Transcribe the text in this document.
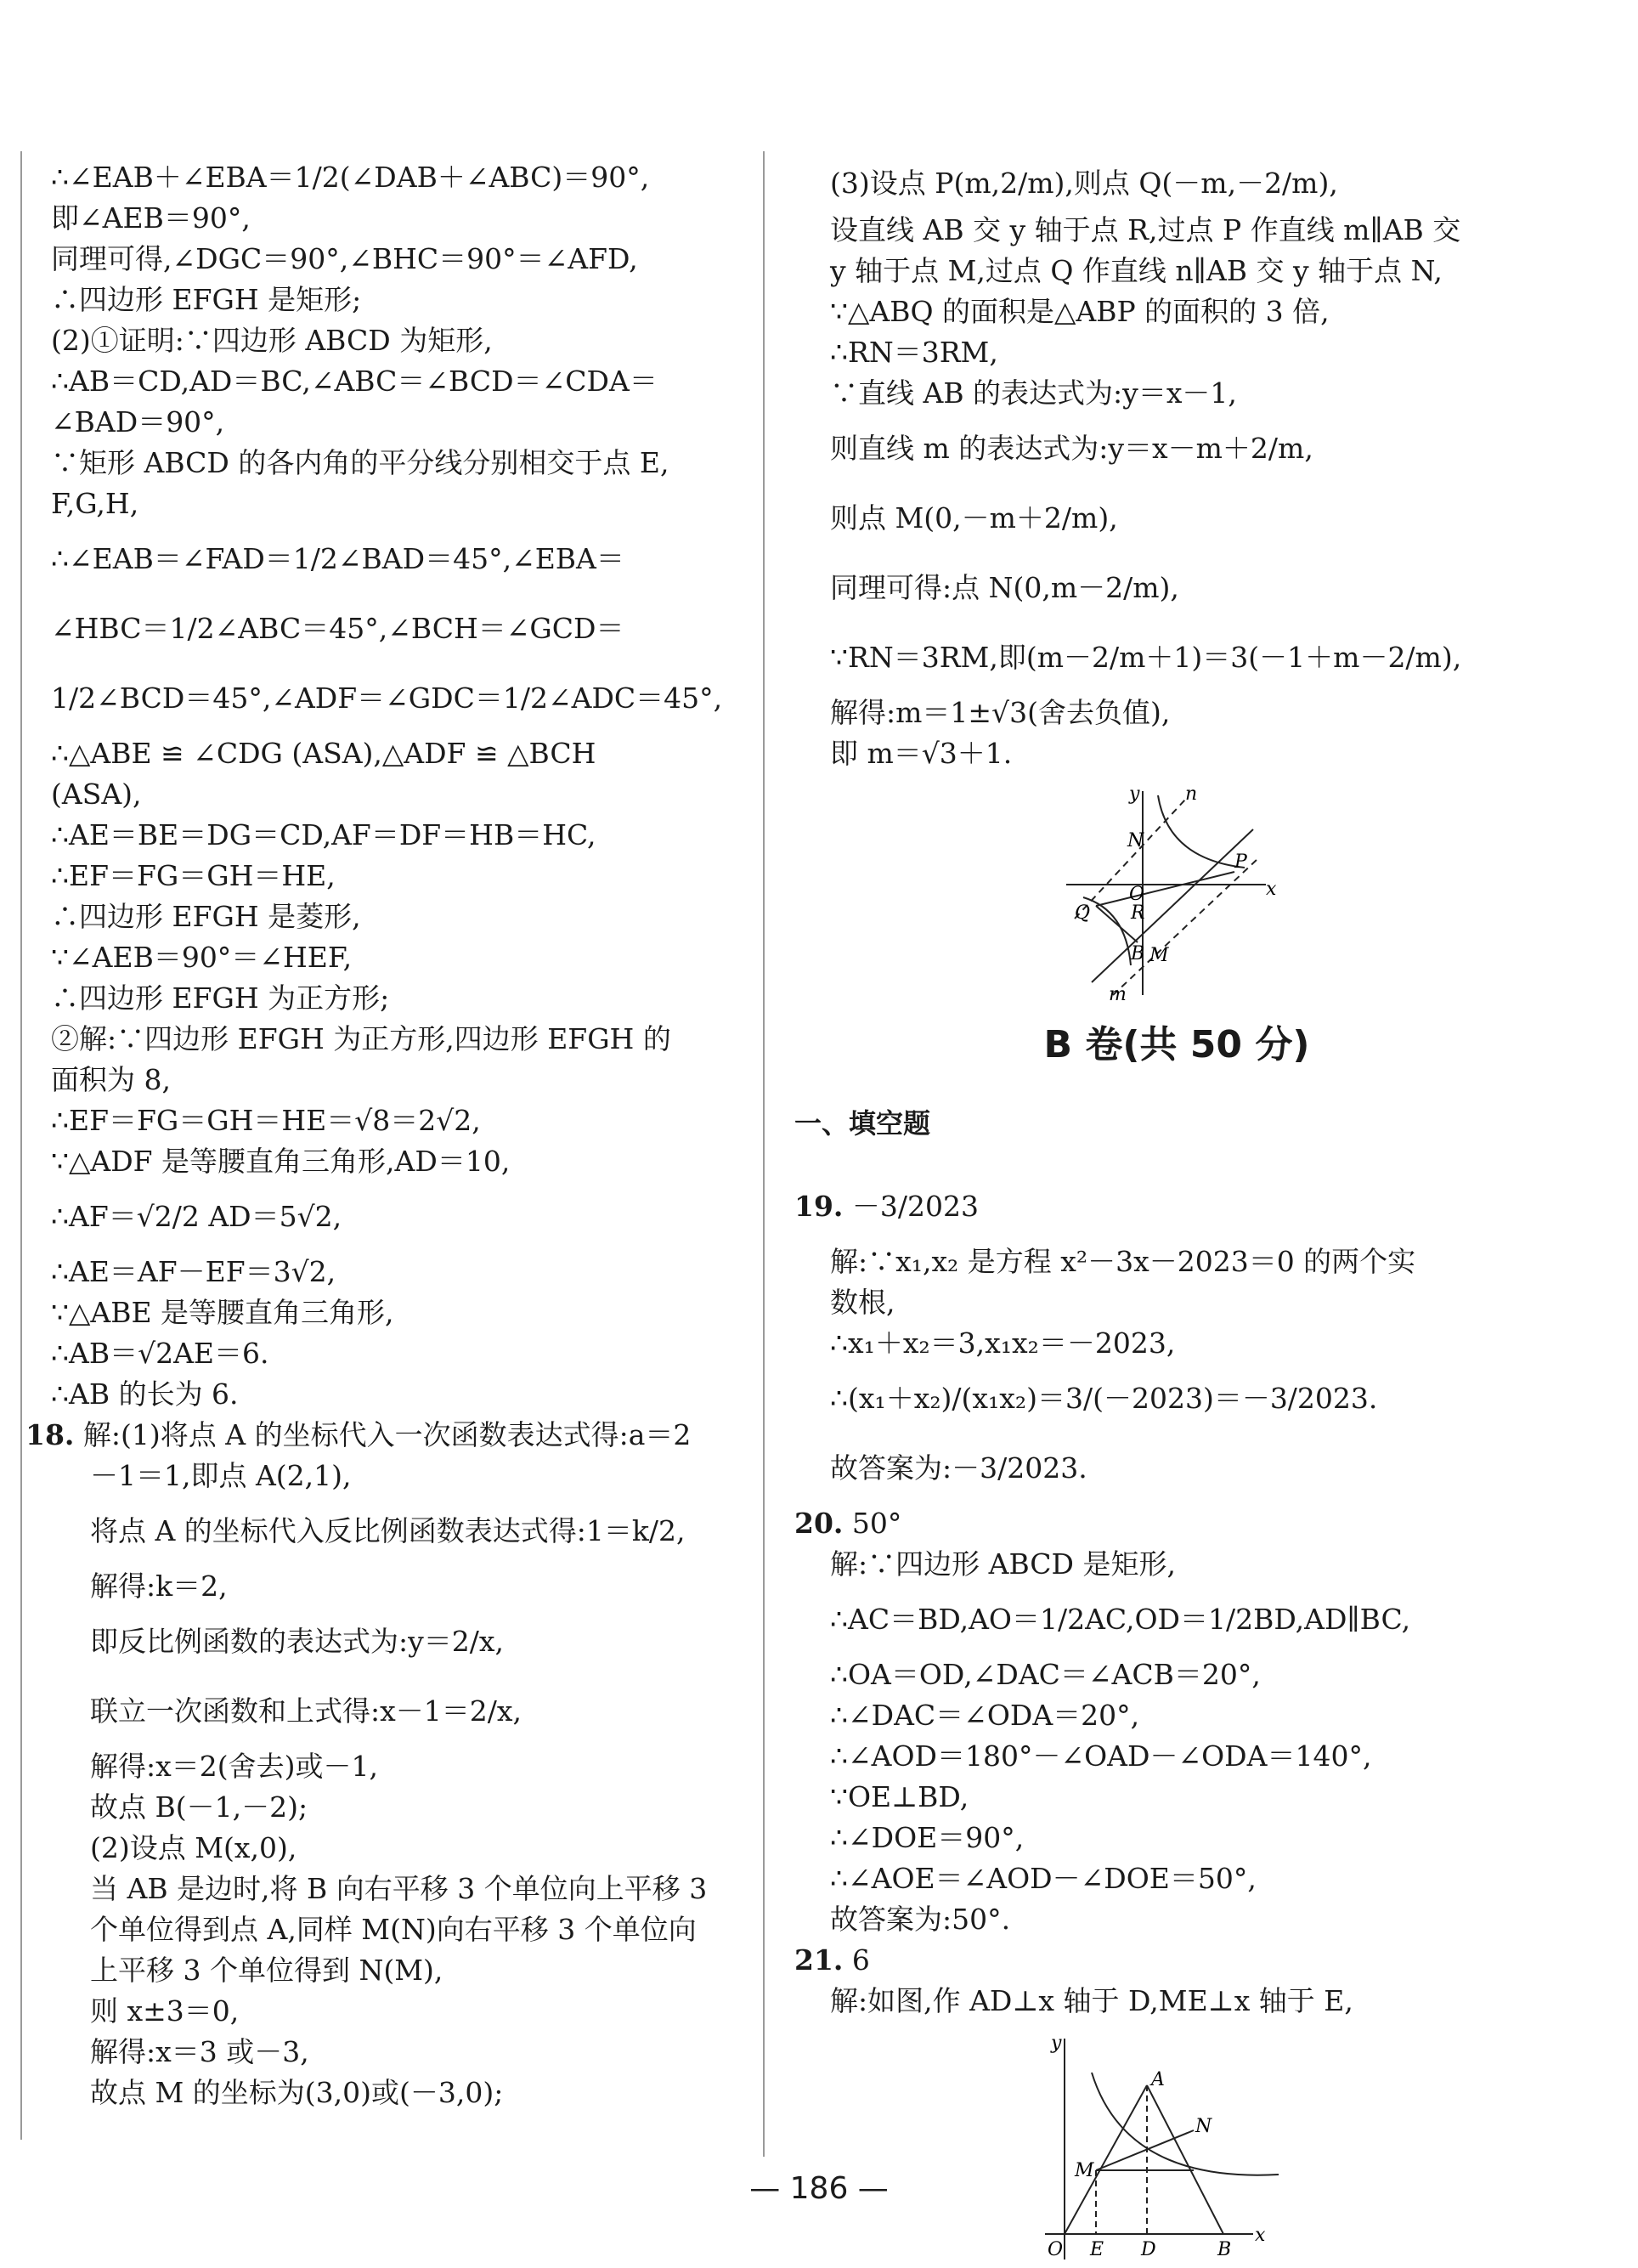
∴∠EAB＋∠EBA＝1/2(∠DAB＋∠ABC)＝90°,

即∠AEB＝90°,

同理可得,∠DGC＝90°,∠BHC＝90°＝∠AFD,

∴四边形 EFGH 是矩形;

(2)①证明:∵四边形 ABCD 为矩形,

∴AB＝CD,AD＝BC,∠ABC＝∠BCD＝∠CDA＝

∠BAD＝90°,

∵矩形 ABCD 的各内角的平分线分别相交于点 E,

F,G,H,

∴∠EAB＝∠FAD＝1/2∠BAD＝45°,∠EBA＝

∠HBC＝1/2∠ABC＝45°,∠BCH＝∠GCD＝

1/2∠BCD＝45°,∠ADF＝∠GDC＝1/2∠ADC＝45°,

∴△ABE ≌ ∠CDG (ASA),△ADF ≌ △BCH

(ASA),

∴AE＝BE＝DG＝CD,AF＝DF＝HB＝HC,

∴EF＝FG＝GH＝HE,

∴四边形 EFGH 是菱形,

∵∠AEB＝90°＝∠HEF,

∴四边形 EFGH 为正方形;

②解:∵四边形 EFGH 为正方形,四边形 EFGH 的

面积为 8,

∴EF＝FG＝GH＝HE＝√8＝2√2,

∵△ADF 是等腰直角三角形,AD＝10,

∴AF＝√2/2 AD＝5√2,

∴AE＝AF－EF＝3√2,

∵△ABE 是等腰直角三角形,

∴AB＝√2AE＝6.

∴AB 的长为 6.

18. 解:(1)将点 A 的坐标代入一次函数表达式得:a＝2

－1＝1,即点 A(2,1),

将点 A 的坐标代入反比例函数表达式得:1＝k/2,

解得:k＝2,

即反比例函数的表达式为:y＝2/x,

联立一次函数和上式得:x－1＝2/x,

解得:x＝2(舍去)或－1,

故点 B(－1,－2);

(2)设点 M(x,0),

当 AB 是边时,将 B 向右平移 3 个单位向上平移 3

个单位得到点 A,同样 M(N)向右平移 3 个单位向

上平移 3 个单位得到 N(M),

则 x±3＝0,

解得:x＝3 或－3,

故点 M 的坐标为(3,0)或(－3,0);

(3)设点 P(m,2/m),则点 Q(－m,－2/m),

设直线 AB 交 y 轴于点 R,过点 P 作直线 m∥AB 交

y 轴于点 M,过点 Q 作直线 n∥AB 交 y 轴于点 N,

∵△ABQ 的面积是△ABP 的面积的 3 倍,

∴RN＝3RM,

∵直线 AB 的表达式为:y＝x－1,

则直线 m 的表达式为:y＝x－m＋2/m,

则点 M(0,－m＋2/m),

同理可得:点 N(0,m－2/m),

∵RN＝3RM,即(m－2/m＋1)＝3(－1＋m－2/m),

解得:m＝1±√3(舍去负值),

即 m＝√3＋1.

y n
N
P
x
O
Q R
B M
m

B 卷(共 50 分)

一、填空题

19. －3/2023

解:∵x₁,x₂ 是方程 x²－3x－2023＝0 的两个实

数根,

∴x₁＋x₂＝3,x₁x₂＝－2023,

∴(x₁＋x₂)/(x₁x₂)＝3/(－2023)＝－3/2023.

故答案为:－3/2023.

20. 50°

解:∵四边形 ABCD 是矩形,

∴AC＝BD,AO＝1/2AC,OD＝1/2BD,AD∥BC,

∴OA＝OD,∠DAC＝∠ACB＝20°,

∴∠DAC＝∠ODA＝20°,

∴∠AOD＝180°－∠OAD－∠ODA＝140°,

∵OE⊥BD,

∴∠DOE＝90°,

∴∠AOE＝∠AOD－∠DOE＝50°,

故答案为:50°.

21. 6

解:如图,作 AD⊥x 轴于 D,ME⊥x 轴于 E,

y
A
N
M
O E D	B
x
— 186 —
